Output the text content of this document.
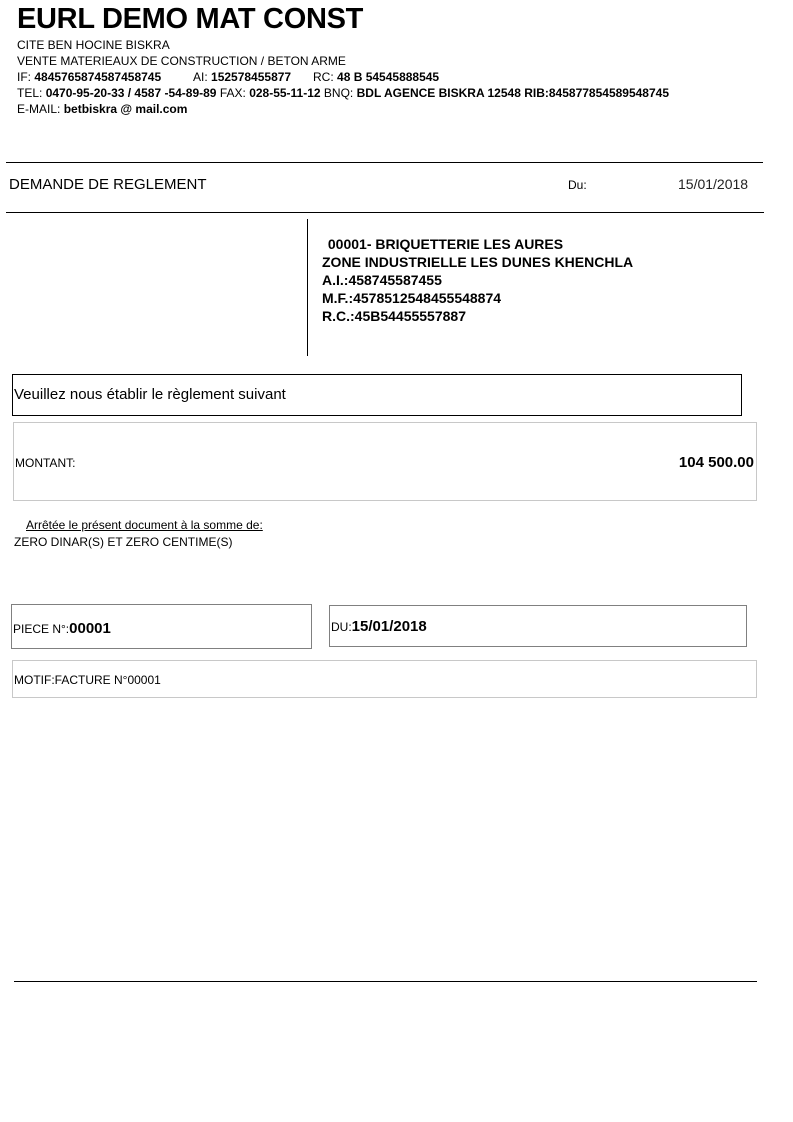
EURL DEMO MAT CONST
CITE BEN HOCINE BISKRA
VENTE MATERIEAUX DE CONSTRUCTION / BETON ARME
IF: 4845765874587458745	AI: 152578455877 RC: 48 B 54545888545
TEL: 0470-95-20-33 / 4587 -54-89-89 FAX: 028-55-11-12 BNQ: BDL AGENCE BISKRA 12548 RIB:845877854589548745
E-MAIL: betbiskra @ mail.com
DEMANDE DE REGLEMENT	Du:	15/01/2018
00001- BRIQUETTERIE LES AURES
ZONE INDUSTRIELLE LES DUNES KHENCHLA
A.I.:458745587455
M.F.:4578512548455548874
R.C.:45B54455557887
Veuillez nous établir le règlement suivant
MONTANT:	104 500.00
Arrêtée le présent document à la somme de:
ZERO DINAR(S) ET ZERO CENTIME(S)
PIECE N°:00001	DU:15/01/2018
MOTIF:FACTURE N°00001
